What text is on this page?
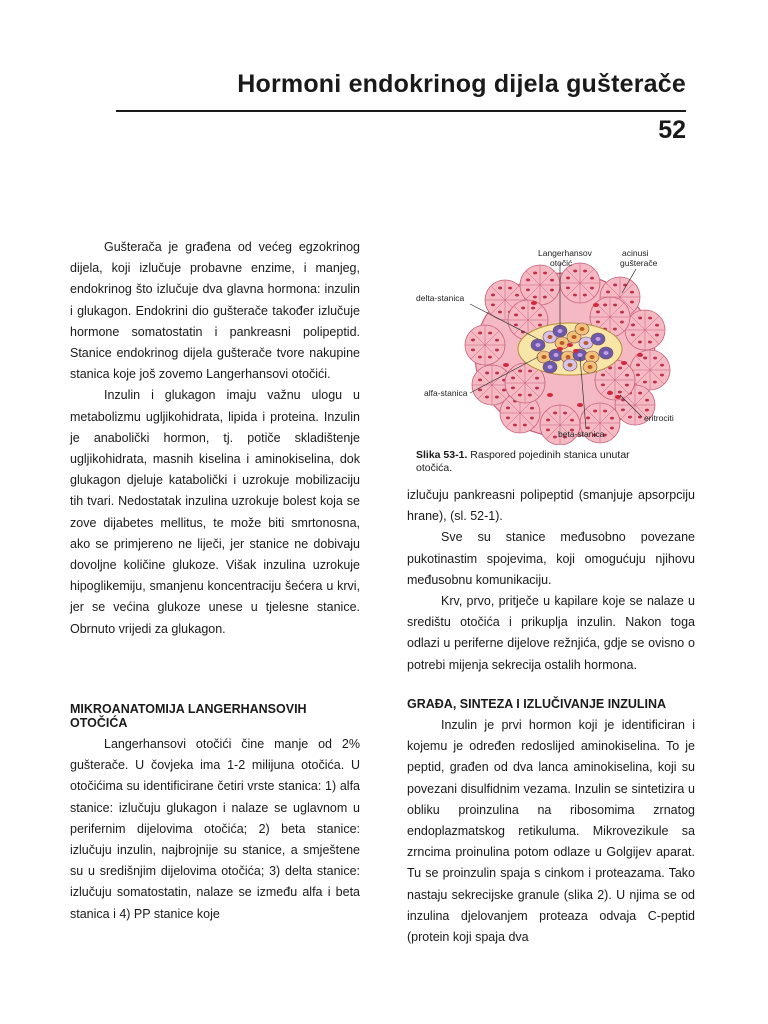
Hormoni endokrinog dijela gušterače
52

Gušterača je građena od većeg egzokrinog dijela, koji izlučuje probavne enzime, i manjeg, endokrinog što izlučuje dva glavna hormona: inzulin i glukagon. Endokrini dio gušterače također izlučuje hormone somatostatin i pankreasni polipeptid. Stanice endokrinog dijela gušterače tvore nakupine stanica koje još zovemo Langerhansovi otočići.

Inzulin i glukagon imaju važnu ulogu u metabolizmu ugljikohidrata, lipida i proteina. Inzulin je anabolički hormon, tj. potiče skladištenje ugljikohidrata, masnih kiselina i aminokiselina, dok glukagon djeluje katabolički i uzrokuje mobilizaciju tih tvari. Nedostatak inzulina uzrokuje bolest koja se zove dijabetes mellitus, te može biti smrtonosna, ako se primjereno ne liječi, jer stanice ne dobivaju dovoljne količine glukoze. Višak inzulina uzrokuje hipoglikemiju, smanjenu koncentraciju šećera u krvi, jer se većina glukoze unese u tjelesne stanice. Obrnuto vrijedi za glukagon.

MIKROANATOMIJA LANGERHANSOVIH OTOČIĆA

Langerhansovi otočići čine manje od 2% gušterače. U čovjeka ima 1-2 milijuna otočića. U otočićima su identificirane četiri vrste stanica: 1) alfa stanice: izlučuju glukagon i nalaze se uglavnom u perifernim dijelovima otočića; 2) beta stanice: izlučuju inzulin, najbrojnije su stanice, a smještene su u središnjim dijelovima otočića; 3) delta stanice: izlučuju somatostatin, nalaze se između alfa i beta stanica i 4) PP stanice koje

Langerhansov
otočić
acinusi
gušterače
delta-stanica
alfa-stanica
eritrociti
beta-stanica
Slika 53-1. Raspored pojedinih stanica unutar otočića.

izlučuju pankreasni polipeptid (smanjuje apsorpciju hrane), (sl. 52-1).

Sve su stanice međusobno povezane pukotinastim spojevima, koji omogućuju njihovu međusobnu komunikaciju.

Krv, prvo, pritječe u kapilare koje se nalaze u središtu otočića i prikuplja inzulin. Nakon toga odlazi u periferne dijelove režnjića, gdje se ovisno o potrebi mijenja sekrecija ostalih hormona.

GRAĐA, SINTEZA I IZLUČIVANJE INZULINA

Inzulin je prvi hormon koji je identificiran i kojemu je određen redoslijed aminokiselina. To je peptid, građen od dva lanca aminokiselina, koji su povezani disulfidnim vezama. Inzulin se sintetizira u obliku proinzulina na ribosomima zrnatog endoplazmatskog retikuluma. Mikrovezikule sa zrncima proinulina potom odlaze u Golgijev aparat. Tu se proinzulin spaja s cinkom i proteazama. Tako nastaju sekrecijske granule (slika 2). U njima se od inzulina djelovanjem proteaza odvaja C-peptid (protein koji spaja dva
